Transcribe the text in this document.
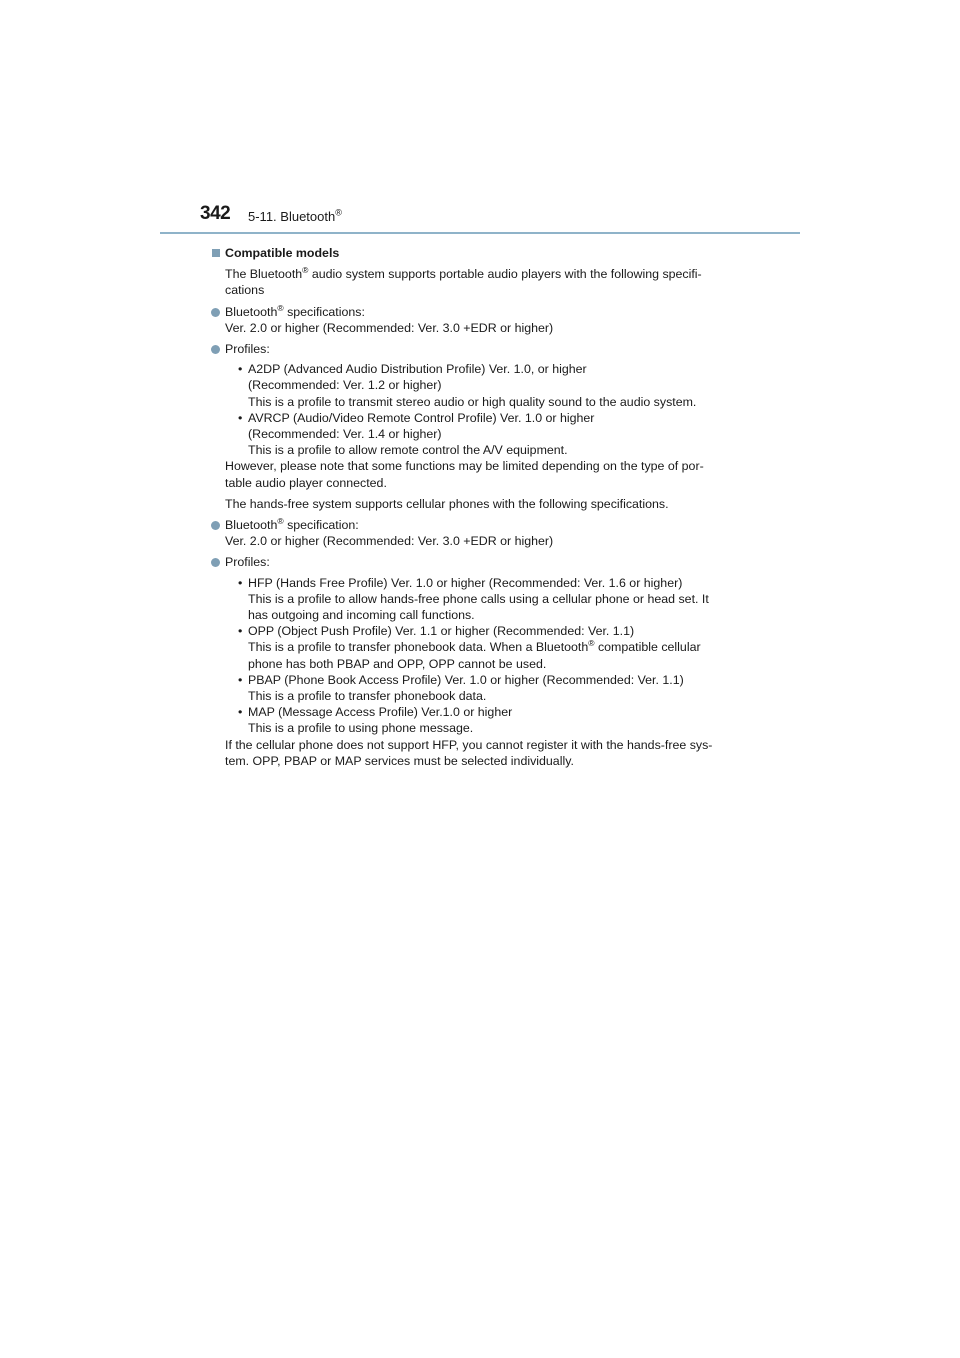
342 5-11. Bluetooth®

Compatible models

The Bluetooth® audio system supports portable audio players with the following specifi-
cations

Bluetooth® specifications:
Ver. 2.0 or higher (Recommended: Ver. 3.0 +EDR or higher)
Profiles:
• A2DP (Advanced Audio Distribution Profile) Ver. 1.0, or higher
(Recommended: Ver. 1.2 or higher)
This is a profile to transmit stereo audio or high quality sound to the audio system.
• AVRCP (Audio/Video Remote Control Profile) Ver. 1.0 or higher
(Recommended: Ver. 1.4 or higher)
This is a profile to allow remote control the A/V equipment.

However, please note that some functions may be limited depending on the type of por-
table audio player connected.

The hands-free system supports cellular phones with the following specifications.

Bluetooth® specification:
Ver. 2.0 or higher (Recommended: Ver. 3.0 +EDR or higher)
Profiles:
• HFP (Hands Free Profile) Ver. 1.0 or higher (Recommended: Ver. 1.6 or higher)
This is a profile to allow hands-free phone calls using a cellular phone or head set. It
has outgoing and incoming call functions.
• OPP (Object Push Profile) Ver. 1.1 or higher (Recommended: Ver. 1.1)
This is a profile to transfer phonebook data. When a Bluetooth® compatible cellular
phone has both PBAP and OPP, OPP cannot be used.
• PBAP (Phone Book Access Profile) Ver. 1.0 or higher (Recommended: Ver. 1.1)
This is a profile to transfer phonebook data.
• MAP (Message Access Profile) Ver.1.0 or higher
This is a profile to using phone message.

If the cellular phone does not support HFP, you cannot register it with the hands-free sys-
tem. OPP, PBAP or MAP services must be selected individually.
